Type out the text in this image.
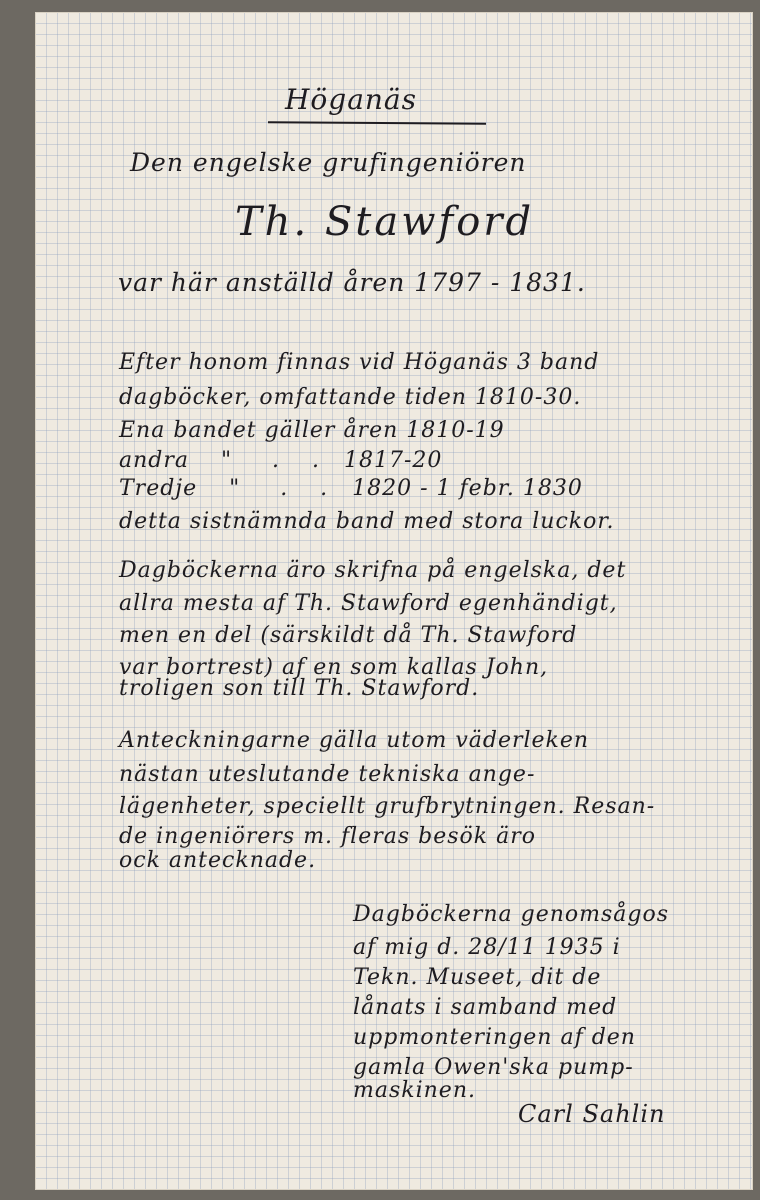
Höganäs
Den engelske grufingeniören
Th. Stawford
var här anställd åren 1797 - 1831.
Efter honom finnas vid Höganäs 3 band
dagböcker, omfattande tiden 1810-30.
Ena bandet gäller åren 1810-19
andra    "     .    .   1817-20
Tredje    "     .    .   1820 - 1 febr. 1830
detta sistnämnda band med stora luckor.
Dagböckerna äro skrifna på engelska, det
allra mesta af Th. Stawford egenhändigt,
men en del (särskildt då Th. Stawford
var bortrest) af en som kallas John,
troligen son till Th. Stawford.
Anteckningarne gälla utom väderleken
nästan uteslutande tekniska ange-
lägenheter, speciellt grufbrytningen. Resan-
de ingeniörers m. fleras besök äro
ock antecknade.
Dagböckerna genomsågos
af mig d. 28/11 1935 i
Tekn. Museet, dit de
lånats i samband med
uppmonteringen af den
gamla Owen'ska pump-
maskinen.
Carl Sahlin
